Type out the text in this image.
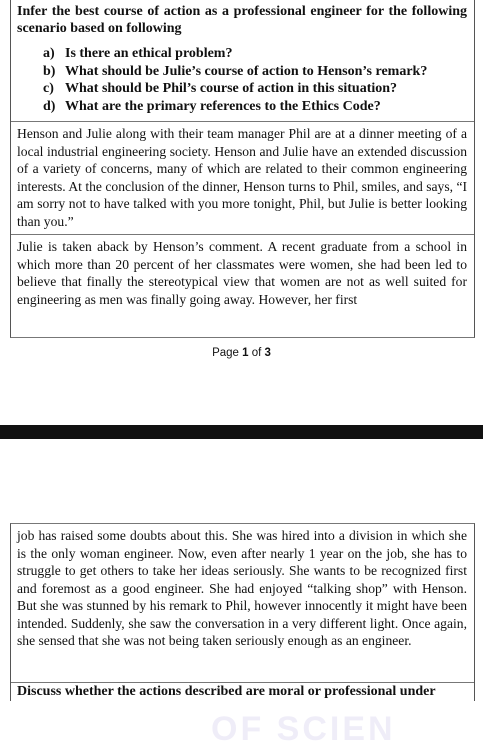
Infer the best course of action as a professional engineer for the following scenario based on following
a) Is there an ethical problem?
b) What should be Julie’s course of action to Henson’s remark?
c) What should be Phil’s course of action in this situation?
d) What are the primary references to the Ethics Code?

Henson and Julie along with their team manager Phil are at a dinner meeting of a local industrial engineering society. Henson and Julie have an extended discussion of a variety of concerns, many of which are related to their common engineering interests. At the conclusion of the dinner, Henson turns to Phil, smiles, and says, “I am sorry not to have talked with you more tonight, Phil, but Julie is better looking than you.”

Julie is taken aback by Henson’s comment. A recent graduate from a school in which more than 20 percent of her classmates were women, she had been led to believe that finally the stereotypical view that women are not as well suited for engineering as men was finally going away. However, her first

Page 1 of 3

job has raised some doubts about this. She was hired into a division in which she is the only woman engineer. Now, even after nearly 1 year on the job, she has to struggle to get others to take her ideas seriously. She wants to be recognized first and foremost as a good engineer. She had enjoyed “talking shop” with Henson. But she was stunned by his remark to Phil, however innocently it might have been intended. Suddenly, she saw the conversation in a very different light. Once again, she sensed that she was not being taken seriously enough as an engineer.

OF SCIEN
Discuss whether the actions described are moral or professional under
